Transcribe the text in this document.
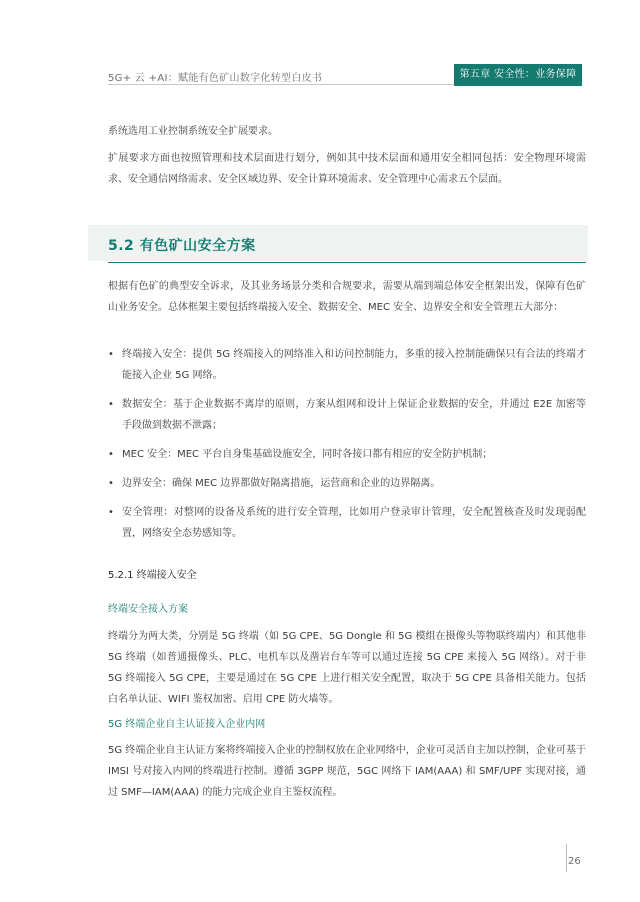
5G+ 云 +AI：赋能有色矿山数字化转型白皮书	第五章 安全性：业务保障

系统选用工业控制系统安全扩展要求。

扩展要求方面也按照管理和技术层面进行划分，例如其中技术层面和通用安全相同包括：安全物理环境需求、安全通信网络需求、安全区域边界、安全计算环境需求、安全管理中心需求五个层面。

5.2 有色矿山安全方案

根据有色矿的典型安全诉求，及其业务场景分类和合规要求，需要从端到端总体安全框架出发，保障有色矿山业务安全。总体框架主要包括终端接入安全、数据安全、MEC 安全、边界安全和安全管理五大部分：

• 终端接入安全：提供 5G 终端接入的网络准入和访问控制能力，多重的接入控制能确保只有合法的终端才能接入企业 5G 网络。
• 数据安全：基于企业数据不离岸的原则，方案从组网和设计上保证企业数据的安全，并通过 E2E 加密等手段做到数据不泄露；
• MEC 安全：MEC 平台自身集基础设施安全，同时各接口都有相应的安全防护机制；
• 边界安全：确保 MEC 边界都做好隔离措施，运营商和企业的边界隔离。
• 安全管理：对整网的设备及系统的进行安全管理，比如用户登录审计管理，安全配置核查及时发现弱配置，网络安全态势感知等。
5.2.1 终端接入安全
终端安全接入方案

终端分为两大类，分别是 5G 终端（如 5G CPE、5G Dongle 和 5G 模组在摄像头等物联终端内）和其他非 5G 终端（如普通摄像头、PLC、电机车以及凿岩台车等可以通过连接 5G CPE 来接入 5G 网络）。对于非 5G 终端接入 5G CPE，主要是通过在 5G CPE 上进行相关安全配置，取决于 5G CPE 具备相关能力。包括白名单认证、WIFI 鉴权加密、启用 CPE 防火墙等。

5G 终端企业自主认证接入企业内网

5G 终端企业自主认证方案将终端接入企业的控制权放在企业网络中，企业可灵活自主加以控制，企业可基于 IMSI 号对接入内网的终端进行控制。遵循 3GPP 规范，5GC 网络下 IAM(AAA) 和 SMF/UPF 实现对接，通过 SMF—IAM(AAA) 的能力完成企业自主鉴权流程。

26
